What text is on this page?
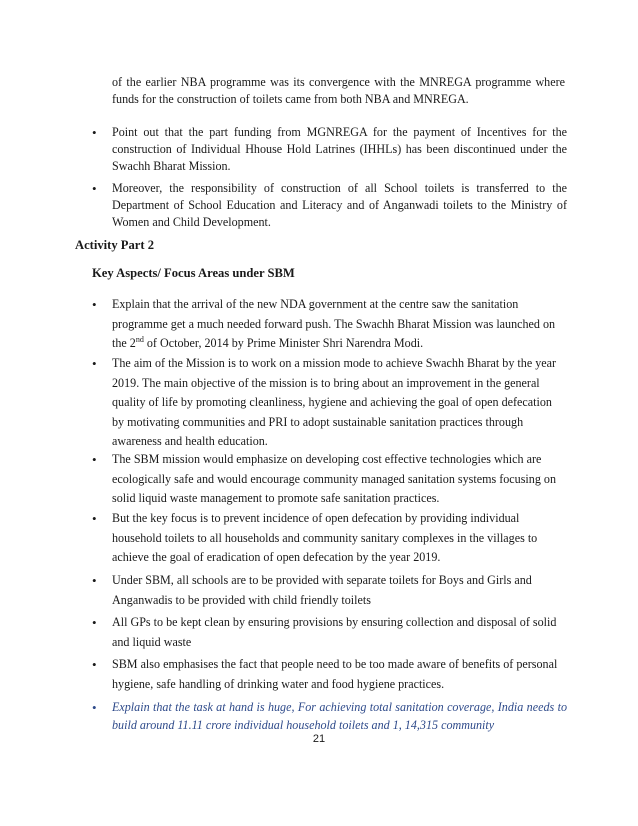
of the earlier NBA programme was its convergence with the MNREGA programme where funds for the construction of toilets came from both NBA and MNREGA.
• Point out that the part funding from MGNREGA for the payment of Incentives for the construction of Individual Hhouse Hold Latrines (IHHLs) has been discontinued under the Swachh Bharat Mission.
• Moreover, the responsibility of construction of all School toilets is transferred to the Department of School Education and Literacy and of Anganwadi toilets to the Ministry of Women and Child Development.
Activity Part 2
Key Aspects/ Focus Areas under SBM
• Explain that the arrival of the new NDA government at the centre saw the sanitation programme get a much needed forward push. The Swachh Bharat Mission was launched on the 2nd of October, 2014 by Prime Minister Shri Narendra Modi.
• The aim of the Mission is to work on a mission mode to achieve Swachh Bharat by the year 2019. The main objective of the mission is to bring about an improvement in the general quality of life by promoting cleanliness, hygiene and achieving the goal of open defecation by motivating communities and PRI to adopt sustainable sanitation practices through awareness and health education.
• The SBM mission would emphasize on developing cost effective technologies which are ecologically safe and would encourage community managed sanitation systems focusing on solid liquid waste management to promote safe sanitation practices.
• But the key focus is to prevent incidence of open defecation by providing individual household toilets to all households and community sanitary complexes in the villages to achieve the goal of eradication of open defecation by the year 2019.
• Under SBM, all schools are to be provided with separate toilets for Boys and Girls and Anganwadis to be provided with child friendly toilets
• All GPs to be kept clean by ensuring provisions by ensuring collection and disposal of solid and liquid waste
• SBM also emphasises the fact that people need to be too made aware of benefits of personal hygiene, safe handling of drinking water and food hygiene practices.
• Explain that the task at hand is huge, For achieving total sanitation coverage, India needs to build around 11.11 crore individual household toilets and 1, 14,315 community
21
